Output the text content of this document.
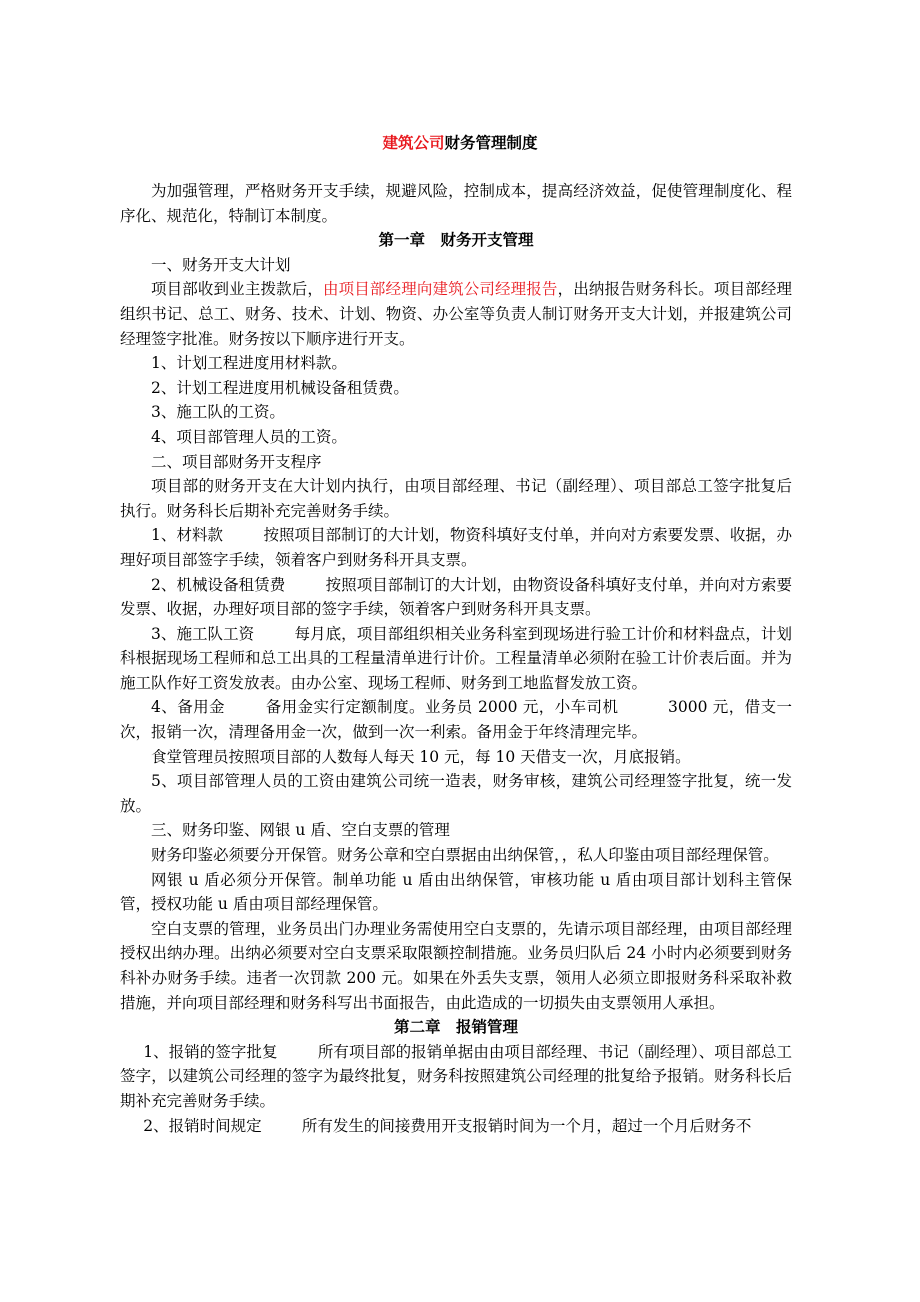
建筑公司财务管理制度

为加强管理，严格财务开支手续，规避风险，控制成本，提高经济效益，促使管理制度化、程序化、规范化，特制订本制度。

第一章　财务开支管理

一、财务开支大计划

项目部收到业主拨款后，由项目部经理向建筑公司经理报告，出纳报告财务科长。项目部经理组织书记、总工、财务、技术、计划、物资、办公室等负责人制订财务开支大计划，并报建筑公司经理签字批准。财务按以下顺序进行开支。

1、计划工程进度用材料款。

2、计划工程进度用机械设备租赁费。

3、施工队的工资。

4、项目部管理人员的工资。

二、项目部财务开支程序

项目部的财务开支在大计划内执行，由项目部经理、书记（副经理）、项目部总工签字批复后执行。财务科长后期补充完善财务手续。

1、材料款	按照项目部制订的大计划，物资科填好支付单，并向对方索要发票、收据，办理好项目部签字手续，领着客户到财务科开具支票。

2、机械设备租赁费	按照项目部制订的大计划，由物资设备科填好支付单，并向对方索要发票、收据，办理好项目部的签字手续，领着客户到财务科开具支票。

3、施工队工资	每月底，项目部组织相关业务科室到现场进行验工计价和材料盘点，计划科根据现场工程师和总工出具的工程量清单进行计价。工程量清单必须附在验工计价表后面。并为施工队作好工资发放表。由办公室、现场工程师、财务到工地监督发放工资。

4、备用金	备用金实行定额制度。业务员 2000 元，小车司机	3000 元，借支一次，报销一次，清理备用金一次，做到一次一利索。备用金于年终清理完毕。

食堂管理员按照项目部的人数每人每天 10 元，每 10 天借支一次，月底报销。

5、项目部管理人员的工资由建筑公司统一造表，财务审核，建筑公司经理签字批复，统一发放。

三、财务印鉴、网银 u 盾、空白支票的管理

财务印鉴必须要分开保管。财务公章和空白票据由出纳保管，，私人印鉴由项目部经理保管。

网银 u 盾必须分开保管。制单功能 u 盾由出纳保管，审核功能 u 盾由项目部计划科主管保管，授权功能 u 盾由项目部经理保管。

空白支票的管理，业务员出门办理业务需使用空白支票的，先请示项目部经理，由项目部经理授权出纳办理。出纳必须要对空白支票采取限额控制措施。业务员归队后 24 小时内必须要到财务科补办财务手续。违者一次罚款 200 元。如果在外丢失支票，领用人必须立即报财务科采取补救措施，并向项目部经理和财务科写出书面报告，由此造成的一切损失由支票领用人承担。

第二章　报销管理

1、报销的签字批复	所有项目部的报销单据由由项目部经理、书记（副经理）、项目部总工签字，以建筑公司经理的签字为最终批复，财务科按照建筑公司经理的批复给予报销。财务科长后期补充完善财务手续。

2、报销时间规定	所有发生的间接费用开支报销时间为一个月，超过一个月后财务不
